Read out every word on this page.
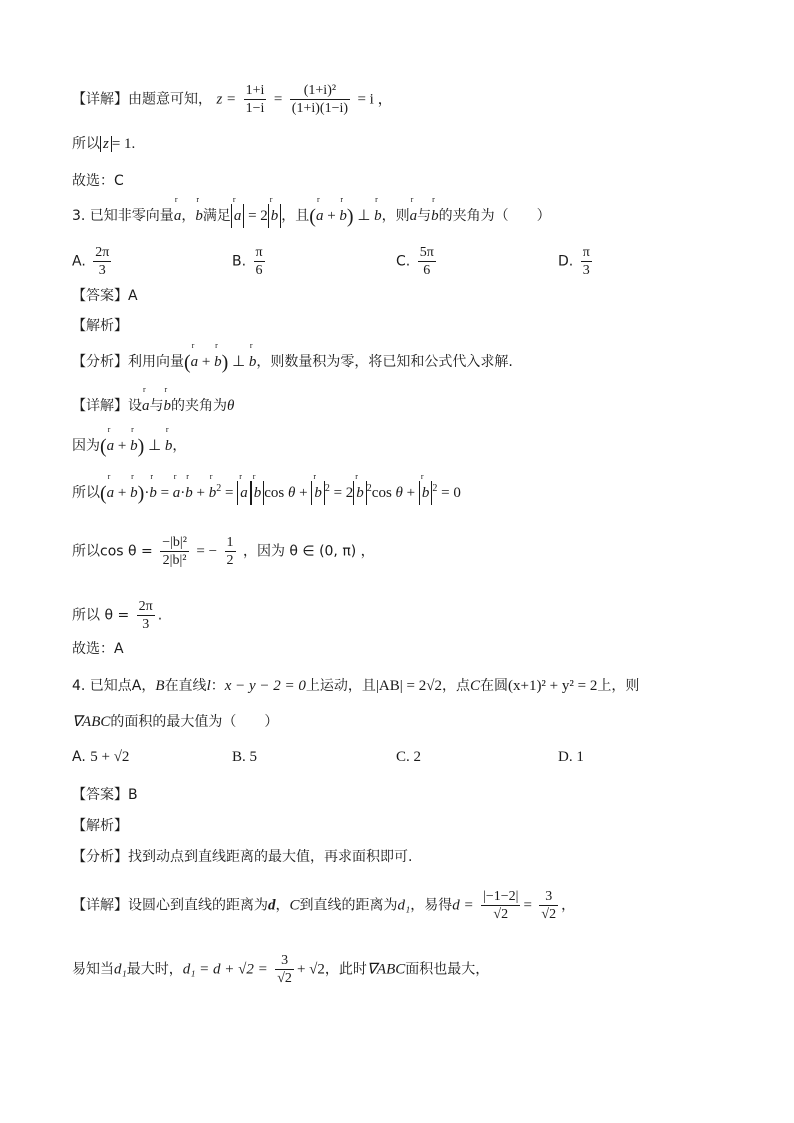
【详解】由题意可知， $z = \frac{1+i}{1-i} = \frac{\text{(1+i)²}}{(1+i)(1-i)} = i$ ，
所以 z = 1.
故选：C
3. 已知非零向量r a，r b满足 r a = 2 r b ，且(r a + r b) ⊥ r b，则r a与r b的夹角为（　　）
A. $\frac{2\pi}{3}$	B. $\frac{\pi}{6}$	C. $\frac{5\pi}{6}$	D. $\frac{\pi}{3}$
【答案】A
【解析】
【分析】利用向量(r a + r b) ⊥ r b，则数量积为零，将已知和公式代入求解.
【详解】设r a与r b的夹角为θ
因为(r a + r b) ⊥ r b，
所以(r a + r b)·r b = r a·r b + r $b^2 = r$ a r b cos θ + r b $^2$ = 2 r b $^2$cos θ + r b $^2$ = 0
所以$\cos \theta = \frac{\text{−|b|²}}{\text{2|b|²}}$ = − $\frac{1}{2}$ ，因为 θ ∈ (0, π) ，
所以 $\theta = \frac{2\pi}{3}$ .
故选：A
4. 已知点A，B在直线l：x − y − 2 = 0上运动，且|AB| = 2√2，点C在圆(x+1)² + y² = 2上，则
∇ABC的面积的最大值为（　　）
A. 5 + √2	B. 5	C. 2	D. 1
【答案】B
【解析】
【分析】找到动点到直线距离的最大值，再求面积即可.
【详解】设圆心到直线的距离为d，C到直线的距离为d₁，易得$d = \frac{|-1-2|}{√2} = \frac{3}{√2}$ ，
易知当d₁最大时，$d_1 = d + √2 = \frac{3}{√2} + √2$，此时∇ABC面积也最大，
